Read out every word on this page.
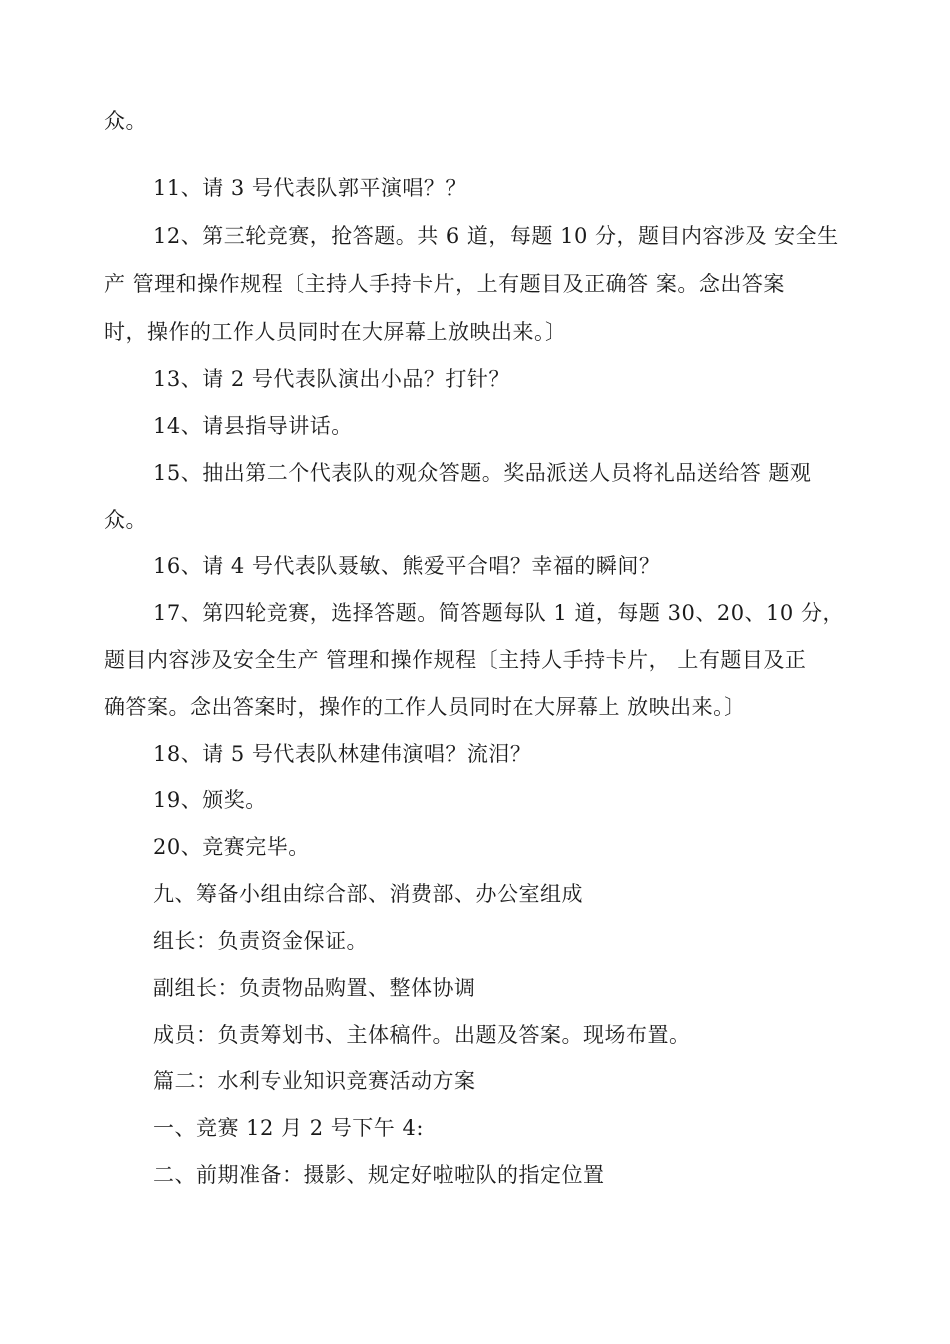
众。
11、请 3 号代表队郭平演唱？？
12、第三轮竞赛，抢答题。共 6 道，每题 10 分，题目内容涉及 安全生
产 管理和操作规程〔主持人手持卡片，上有题目及正确答 案。念出答案
时，操作的工作人员同时在大屏幕上放映出来。〕
13、请 2 号代表队演出小品？打针？
14、请县指导讲话。
15、抽出第二个代表队的观众答题。奖品派送人员将礼品送给答 题观
众。
16、请 4 号代表队聂敏、熊爱平合唱？幸福的瞬间？
17、第四轮竞赛，选择答题。简答题每队 1 道，每题 30、20、10 分，
题目内容涉及安全生产 管理和操作规程〔主持人手持卡片， 上有题目及正
确答案。念出答案时，操作的工作人员同时在大屏幕上 放映出来。〕
18、请 5 号代表队林建伟演唱？流泪？
19、颁奖。
20、竞赛完毕。
九、筹备小组由综合部、消费部、办公室组成
组长：负责资金保证。
副组长：负责物品购置、整体协调
成员：负责筹划书、主体稿件。出题及答案。现场布置。
篇二：水利专业知识竞赛活动方案
一、竞赛 12 月 2 号下午 4:
二、前期准备：摄影、规定好啦啦队的指定位置
